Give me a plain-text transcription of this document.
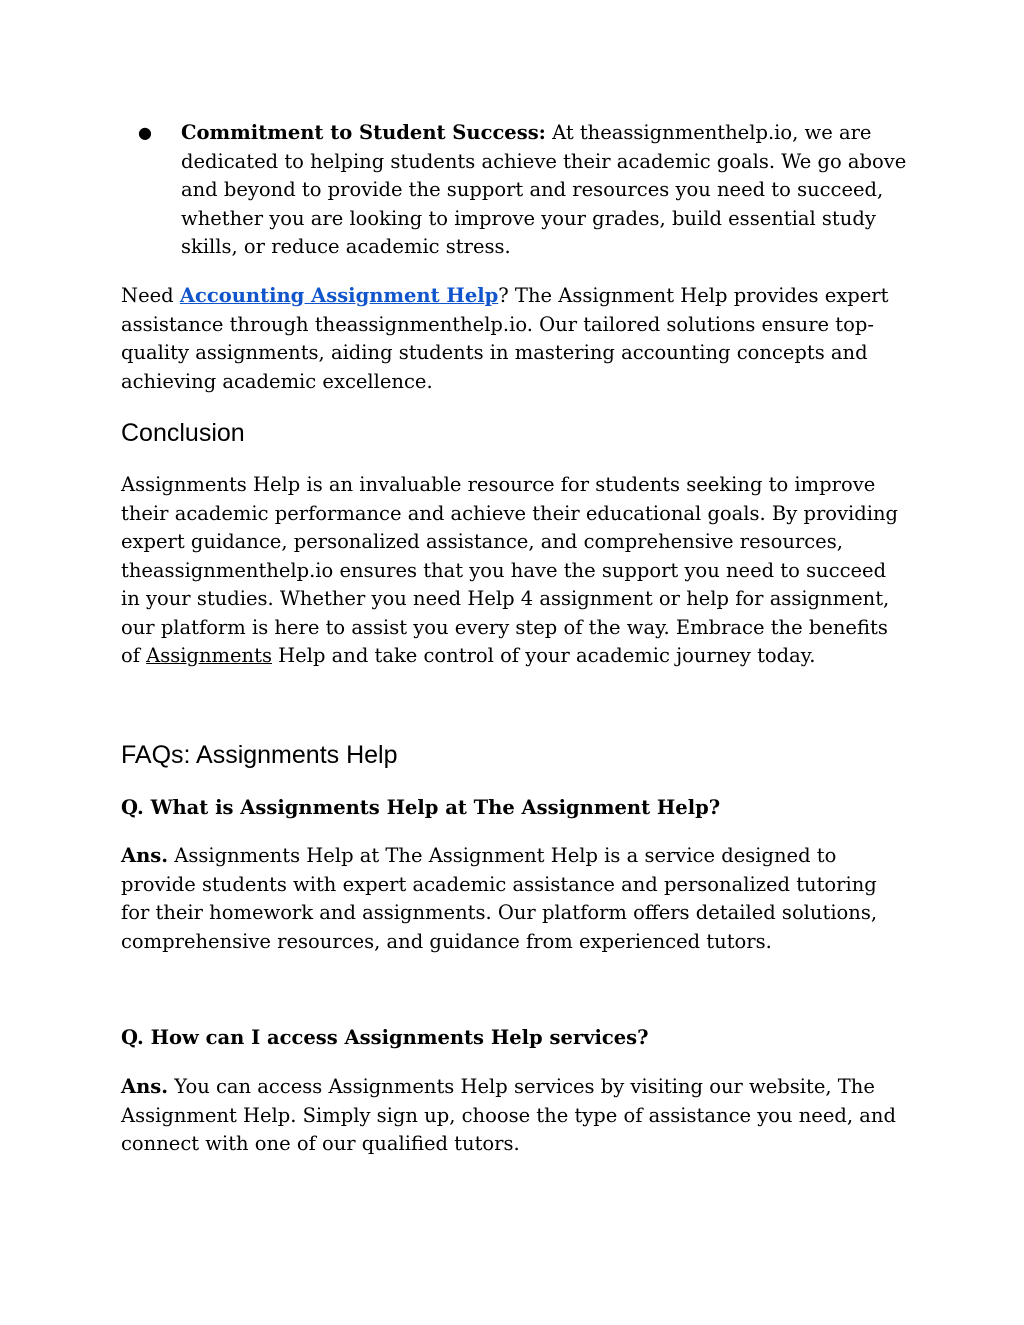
● Commitment to Student Success: At theassignmenthelp.io, we are dedicated to helping students achieve their academic goals. We go above and beyond to provide the support and resources you need to succeed, whether you are looking to improve your grades, build essential study skills, or reduce academic stress.

Need Accounting Assignment Help? The Assignment Help provides expert assistance through theassignmenthelp.io. Our tailored solutions ensure top-quality assignments, aiding students in mastering accounting concepts and achieving academic excellence.

Conclusion

Assignments Help is an invaluable resource for students seeking to improve their academic performance and achieve their educational goals. By providing expert guidance, personalized assistance, and comprehensive resources, theassignmenthelp.io ensures that you have the support you need to succeed in your studies. Whether you need Help 4 assignment or help for assignment, our platform is here to assist you every step of the way. Embrace the benefits of Assignments Help and take control of your academic journey today.

FAQs: Assignments Help

Q. What is Assignments Help at The Assignment Help?

Ans. Assignments Help at The Assignment Help is a service designed to provide students with expert academic assistance and personalized tutoring for their homework and assignments. Our platform offers detailed solutions, comprehensive resources, and guidance from experienced tutors.

Q. How can I access Assignments Help services?

Ans. You can access Assignments Help services by visiting our website, The Assignment Help. Simply sign up, choose the type of assistance you need, and connect with one of our qualified tutors.
